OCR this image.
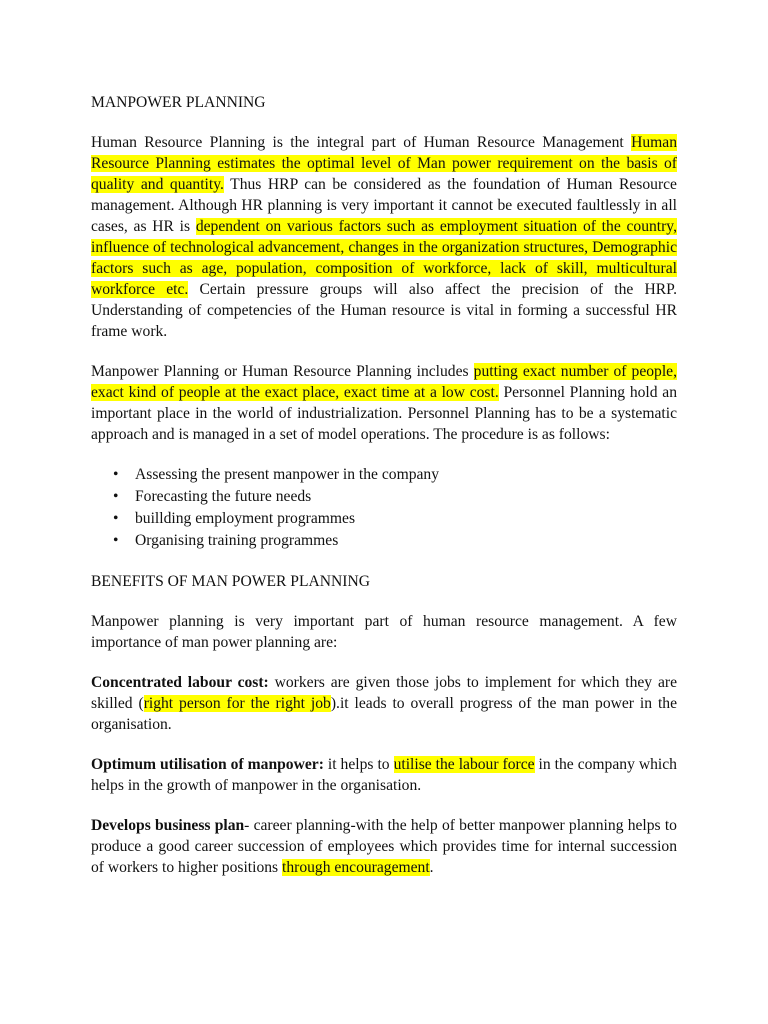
MANPOWER PLANNING

Human Resource Planning is the integral part of Human Resource Management Human Resource Planning estimates the optimal level of Man power requirement on the basis of quality and quantity. Thus HRP can be considered as the foundation of Human Resource management. Although HR planning is very important it cannot be executed faultlessly in all cases, as HR is dependent on various factors such as employment situation of the country, influence of technological advancement, changes in the organization structures, Demographic factors such as age, population, composition of workforce, lack of skill, multicultural workforce etc. Certain pressure groups will also affect the precision of the HRP. Understanding of competencies of the Human resource is vital in forming a successful HR frame work.

Manpower Planning or Human Resource Planning includes putting exact number of people, exact kind of people at the exact place, exact time at a low cost. Personnel Planning hold an important place in the world of industrialization. Personnel Planning has to be a systematic approach and is managed in a set of model operations. The procedure is as follows:

• Assessing the present manpower in the company
• Forecasting the future needs
• buillding employment programmes
• Organising training programmes

BENEFITS OF MAN POWER PLANNING

Manpower planning is very important part of human resource management. A few importance of man power planning are:

Concentrated labour cost: workers are given those jobs to implement for which they are skilled (right person for the right job).it leads to overall progress of the man power in the organisation.

Optimum utilisation of manpower: it helps to utilise the labour force in the company which helps in the growth of manpower in the organisation.

Develops business plan- career planning-with the help of better manpower planning helps to produce a good career succession of employees which provides time for internal succession of workers to higher positions through encouragement.
